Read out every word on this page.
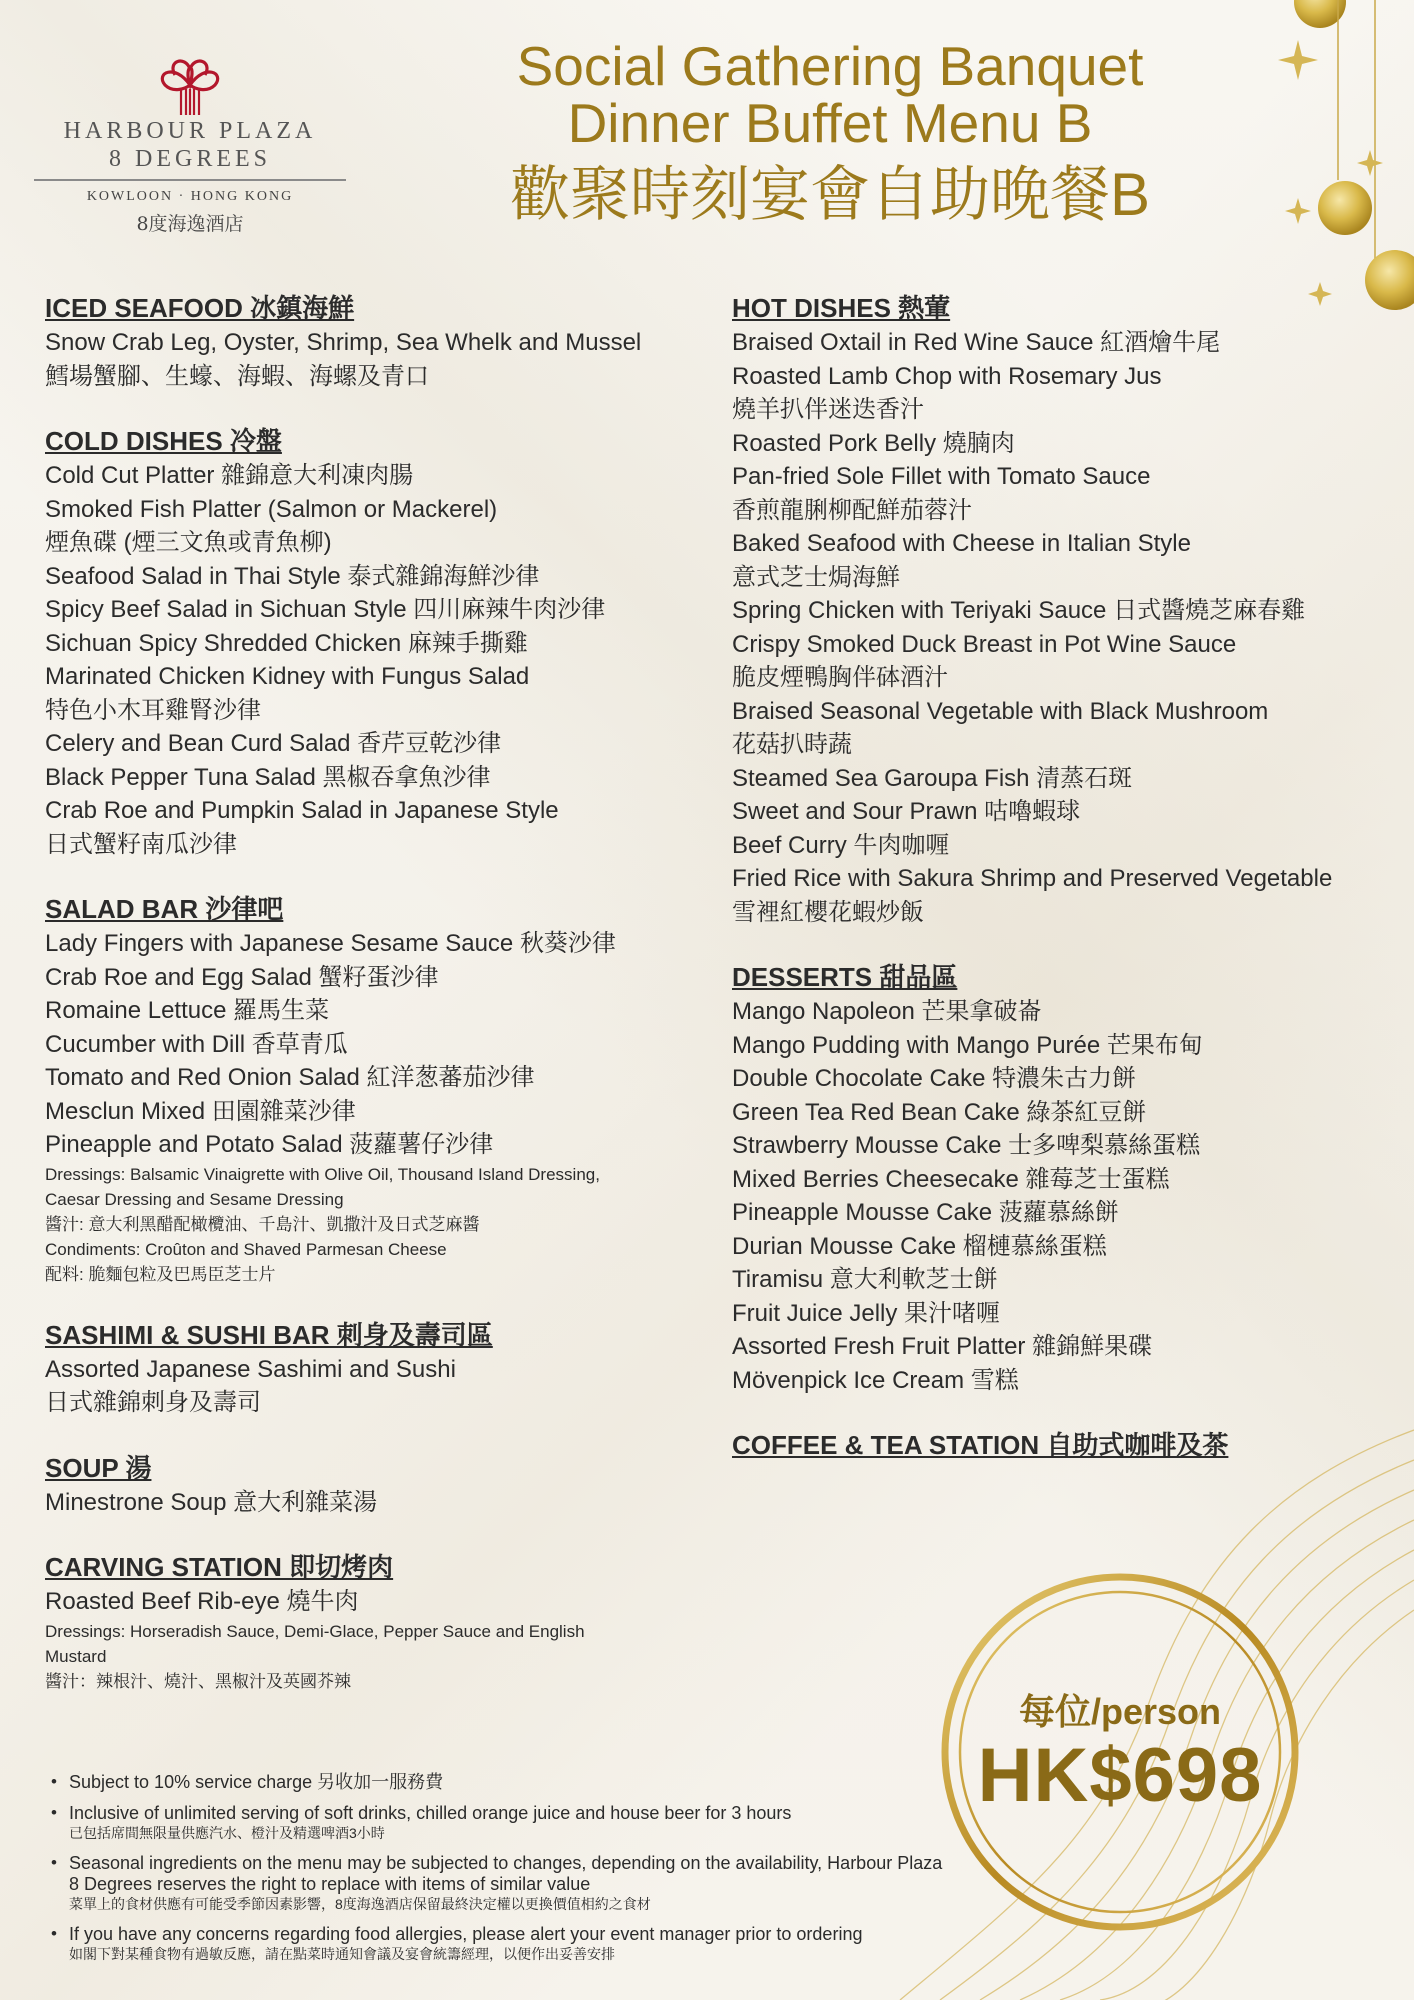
HARBOUR PLAZA
8 DEGREES
KOWLOON · HONG KONG
8度海逸酒店
Social Gathering Banquet
Dinner Buffet Menu B
歡聚時刻宴會自助晚餐B
ICED SEAFOOD 冰鎮海鮮
Snow Crab Leg, Oyster, Shrimp, Sea Whelk and Mussel
鱈場蟹腳、生蠔、海蝦、海螺及青口
COLD DISHES 冷盤
Cold Cut Platter 雜錦意大利凍肉腸
Smoked Fish Platter (Salmon or Mackerel)
煙魚碟 (煙三文魚或青魚柳)
Seafood Salad in Thai Style 泰式雜錦海鮮沙律
Spicy Beef Salad in Sichuan Style 四川麻辣牛肉沙律
Sichuan Spicy Shredded Chicken 麻辣手撕雞
Marinated Chicken Kidney with Fungus Salad
特色小木耳雞腎沙律
Celery and Bean Curd Salad 香芹豆乾沙律
Black Pepper Tuna Salad 黑椒吞拿魚沙律
Crab Roe and Pumpkin Salad in Japanese Style
日式蟹籽南瓜沙律
SALAD BAR 沙律吧
Lady Fingers with Japanese Sesame Sauce 秋葵沙律
Crab Roe and Egg Salad 蟹籽蛋沙律
Romaine Lettuce 羅馬生菜
Cucumber with Dill 香草青瓜
Tomato and Red Onion Salad 紅洋葱蕃茄沙律
Mesclun Mixed 田園雜菜沙律
Pineapple and Potato Salad 菠蘿薯仔沙律
Dressings: Balsamic Vinaigrette with Olive Oil, Thousand Island Dressing,
Caesar Dressing and Sesame Dressing
醬汁: 意大利黑醋配橄欖油、千島汁、凱撒汁及日式芝麻醬
Condiments: Croûton and Shaved Parmesan Cheese
配料: 脆麵包粒及巴馬臣芝士片
SASHIMI & SUSHI BAR 刺身及壽司區
Assorted Japanese Sashimi and Sushi
日式雜錦刺身及壽司
SOUP 湯
Minestrone Soup 意大利雜菜湯
CARVING STATION 即切烤肉
Roasted Beef Rib-eye 燒牛肉
Dressings: Horseradish Sauce, Demi-Glace, Pepper Sauce and English
Mustard
醬汁：辣根汁、燒汁、黑椒汁及英國芥辣
HOT DISHES 熱葷
Braised Oxtail in Red Wine Sauce 紅酒燴牛尾
Roasted Lamb Chop with Rosemary Jus
燒羊扒伴迷迭香汁
Roasted Pork Belly 燒腩肉
Pan-fried Sole Fillet with Tomato Sauce
香煎龍脷柳配鮮茄蓉汁
Baked Seafood with Cheese in Italian Style
意式芝士焗海鮮
Spring Chicken with Teriyaki Sauce 日式醬燒芝麻春雞
Crispy Smoked Duck Breast in Pot Wine Sauce
脆皮煙鴨胸伴砵酒汁
Braised Seasonal Vegetable with Black Mushroom
花菇扒時蔬
Steamed Sea Garoupa Fish 清蒸石斑
Sweet and Sour Prawn 咕嚕蝦球
Beef Curry 牛肉咖喱
Fried Rice with Sakura Shrimp and Preserved Vegetable
雪裡紅櫻花蝦炒飯
DESSERTS 甜品區
Mango Napoleon 芒果拿破崙
Mango Pudding with Mango Purée 芒果布甸
Double Chocolate Cake 特濃朱古力餅
Green Tea Red Bean Cake 綠茶紅豆餅
Strawberry Mousse Cake 士多啤梨慕絲蛋糕
Mixed Berries Cheesecake 雜莓芝士蛋糕
Pineapple Mousse Cake 菠蘿慕絲餅
Durian Mousse Cake 榴槤慕絲蛋糕
Tiramisu 意大利軟芝士餅
Fruit Juice Jelly 果汁啫喱
Assorted Fresh Fruit Platter 雜錦鮮果碟
Mövenpick Ice Cream 雪糕
COFFEE & TEA STATION 自助式咖啡及茶
每位/person
HK$698
• Subject to 10% service charge 另收加一服務費
• Inclusive of unlimited serving of soft drinks, chilled orange juice and house beer for 3 hours
已包括席間無限量供應汽水、橙汁及精選啤酒3小時
• Seasonal ingredients on the menu may be subjected to changes, depending on the availability, Harbour Plaza 8 Degrees reserves the right to replace with items of similar value
菜單上的食材供應有可能受季節因素影響，8度海逸酒店保留最終決定權以更換價值相約之食材
• If you have any concerns regarding food allergies, please alert your event manager prior to ordering
如閣下對某種食物有過敏反應，請在點菜時通知會議及宴會統籌經理，以便作出妥善安排
